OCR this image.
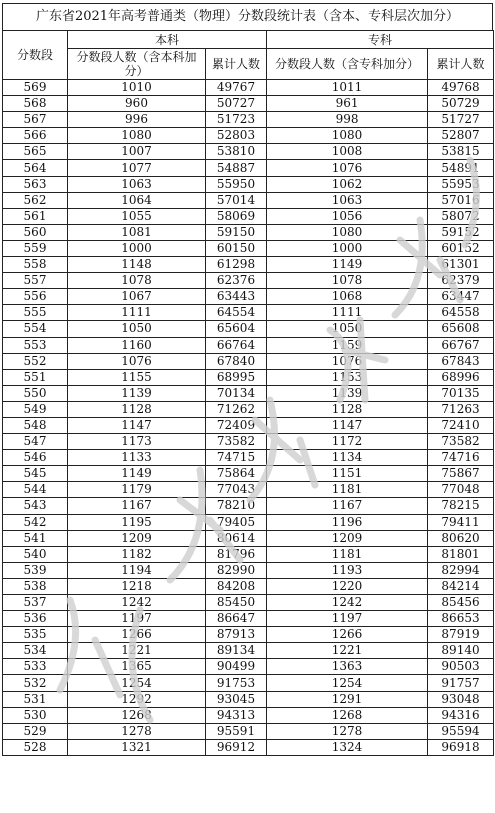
广东省2021年高考普通类（物理）分数段统计表（含本、专科层次加分）
分数段	本科		专科	
	分数段人数（含本科加分）	累计人数	分数段人数（含专科加分）	累计人数
569	1010	49767	1011	49768
568	960	50727	961	50729
567	996	51723	998	51727
566	1080	52803	1080	52807
565	1007	53810	1008	53815
564	1077	54887	1076	54891
563	1063	55950	1062	55953
562	1064	57014	1063	57016
561	1055	58069	1056	58072
560	1081	59150	1080	59152
559	1000	60150	1000	60152
558	1148	61298	1149	61301
557	1078	62376	1078	62379
556	1067	63443	1068	63447
555	1111	64554	1111	64558
554	1050	65604	1050	65608
553	1160	66764	1159	66767
552	1076	67840	1076	67843
551	1155	68995	1153	68996
550	1139	70134	1139	70135
549	1128	71262	1128	71263
548	1147	72409	1147	72410
547	1173	73582	1172	73582
546	1133	74715	1134	74716
545	1149	75864	1151	75867
544	1179	77043	1181	77048
543	1167	78210	1167	78215
542	1195	79405	1196	79411
541	1209	80614	1209	80620
540	1182	81796	1181	81801
539	1194	82990	1193	82994
538	1218	84208	1220	84214
537	1242	85450	1242	85456
536	1197	86647	1197	86653
535	1266	87913	1266	87919
534	1221	89134	1221	89140
533	1365	90499	1363	90503
532	1254	91753	1254	91757
531	1292	93045	1291	93048
530	1268	94313	1268	94316
529	1278	95591	1278	95594
528	1321	96912	1324	96918
